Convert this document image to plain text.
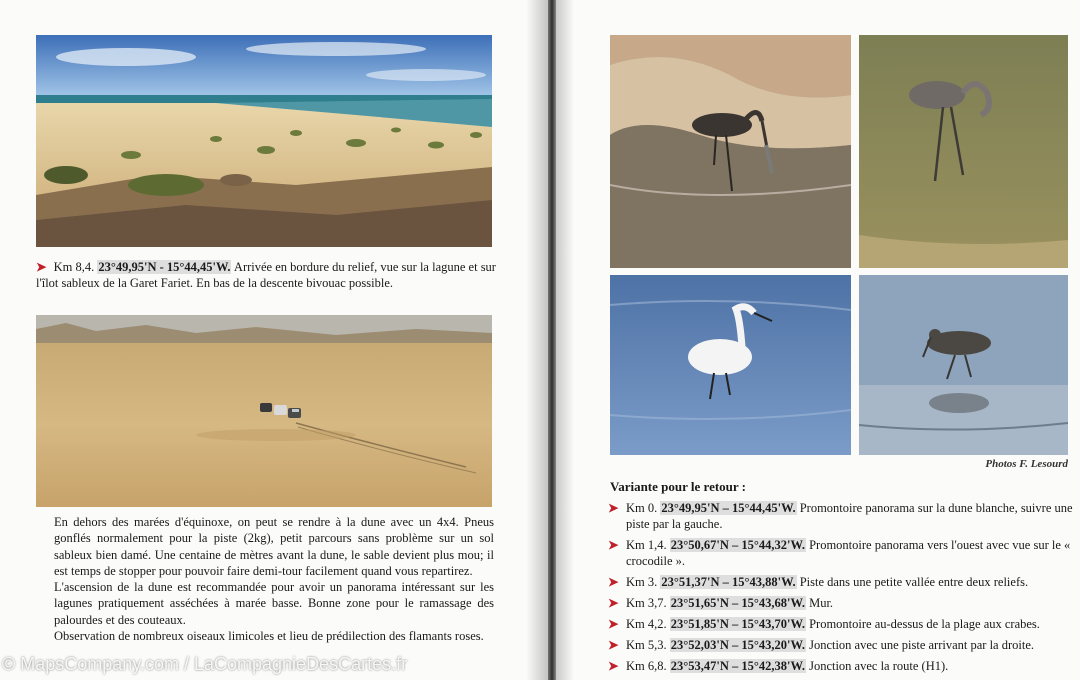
➤ Km 8,4. 23°49,95'N - 15°44,45'W. Arrivée en bordure du relief, vue sur la lagune et sur l'îlot sableux de la Garet Fariet. En bas de la descente bivouac possible.

En dehors des marées d'équinoxe, on peut se rendre à la dune avec un 4x4. Pneus gonflés normalement pour la piste (2kg), petit parcours sans problème sur un sol sableux bien damé. Une centaine de mètres avant la dune, le sable devient plus mou; il est temps de stopper pour pouvoir faire demi-tour facilement quand vous repartirez.

L'ascension de la dune est recommandée pour avoir un panorama intéressant sur les lagunes pratiquement asséchées à marée basse. Bonne zone pour le ramassage des palourdes et des couteaux.

Observation de nombreux oiseaux limicoles et lieu de prédilection des flamants roses.

Photos F. Lesourd
Variante pour le retour :
➤ Km 0. 23°49,95'N – 15°44,45'W. Promontoire panorama sur la dune blanche, suivre une piste par la gauche.
➤ Km 1,4. 23°50,67'N – 15°44,32'W. Promontoire panorama vers l'ouest avec vue sur le « crocodile ».
➤ Km 3. 23°51,37'N – 15°43,88'W. Piste dans une petite vallée entre deux reliefs.
➤ Km 3,7. 23°51,65'N – 15°43,68'W. Mur.
➤ Km 4,2. 23°51,85'N – 15°43,70'W. Promontoire au-dessus de la plage aux crabes.
➤ Km 5,3. 23°52,03'N – 15°43,20'W. Jonction avec une piste arrivant par la droite.
➤ Km 6,8. 23°53,47'N – 15°42,38'W. Jonction avec la route (H1).
© MapsCompany.com / LaCompagnieDesCartes.fr
